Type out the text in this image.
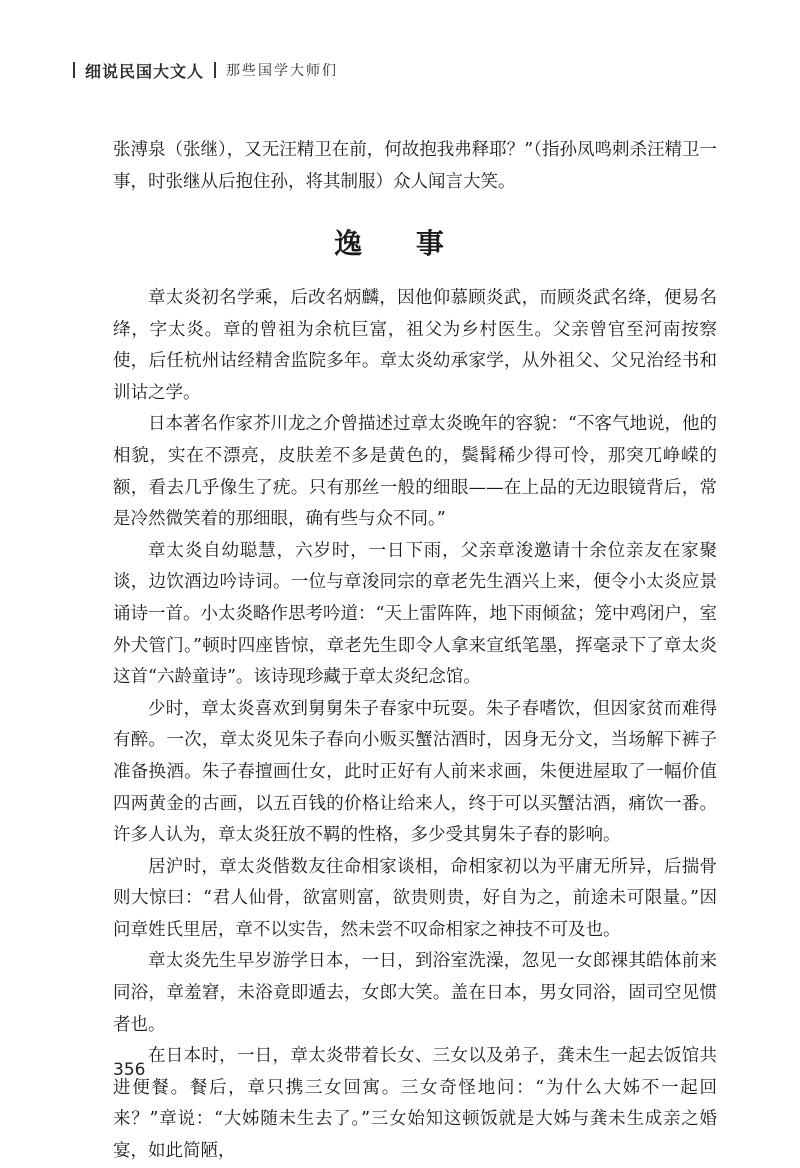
细说民国大文人 那些国学大师们

张溥泉（张继），又无汪精卫在前，何故抱我弗释耶？”（指孙凤鸣刺杀汪精卫一事，时张继从后抱住孙，将其制服）众人闻言大笑。

逸 事

章太炎初名学乘，后改名炳麟，因他仰慕顾炎武，而顾炎武名绛，便易名绛，字太炎。章的曾祖为余杭巨富，祖父为乡村医生。父亲曾官至河南按察使，后任杭州诂经精舍监院多年。章太炎幼承家学，从外祖父、父兄治经书和训诂之学。

日本著名作家芥川龙之介曾描述过章太炎晚年的容貌：“不客气地说，他的相貌，实在不漂亮，皮肤差不多是黄色的，鬓髯稀少得可怜，那突兀峥嵘的额，看去几乎像生了疣。只有那丝一般的细眼——在上品的无边眼镜背后，常是冷然微笑着的那细眼，确有些与众不同。”

章太炎自幼聪慧，六岁时，一日下雨，父亲章浚邀请十余位亲友在家聚谈，边饮酒边吟诗词。一位与章浚同宗的章老先生酒兴上来，便令小太炎应景诵诗一首。小太炎略作思考吟道：“天上雷阵阵，地下雨倾盆；笼中鸡闭户，室外犬管门。”顿时四座皆惊，章老先生即令人拿来宣纸笔墨，挥毫录下了章太炎这首“六龄童诗”。该诗现珍藏于章太炎纪念馆。

少时，章太炎喜欢到舅舅朱子春家中玩耍。朱子春嗜饮，但因家贫而难得有醉。一次，章太炎见朱子春向小贩买蟹沽酒时，因身无分文，当场解下裤子准备换酒。朱子春擅画仕女，此时正好有人前来求画，朱便进屋取了一幅价值四两黄金的古画，以五百钱的价格让给来人，终于可以买蟹沽酒，痛饮一番。许多人认为，章太炎狂放不羁的性格，多少受其舅朱子春的影响。

居沪时，章太炎偕数友往命相家谈相，命相家初以为平庸无所异，后揣骨则大惊曰：“君人仙骨，欲富则富，欲贵则贵，好自为之，前途未可限量。”因问章姓氏里居，章不以实告，然未尝不叹命相家之神技不可及也。

章太炎先生早岁游学日本，一日，到浴室洗澡，忽见一女郎裸其皓体前来同浴，章羞窘，未浴竟即遁去，女郎大笑。盖在日本，男女同浴，固司空见惯者也。

在日本时，一日，章太炎带着长女、三女以及弟子，龚未生一起去饭馆共进便餐。餐后，章只携三女回寓。三女奇怪地问：“为什么大姊不一起回来？”章说：“大姊随未生去了。”三女始知这顿饭就是大姊与龚未生成亲之婚宴，如此简陋，

356
